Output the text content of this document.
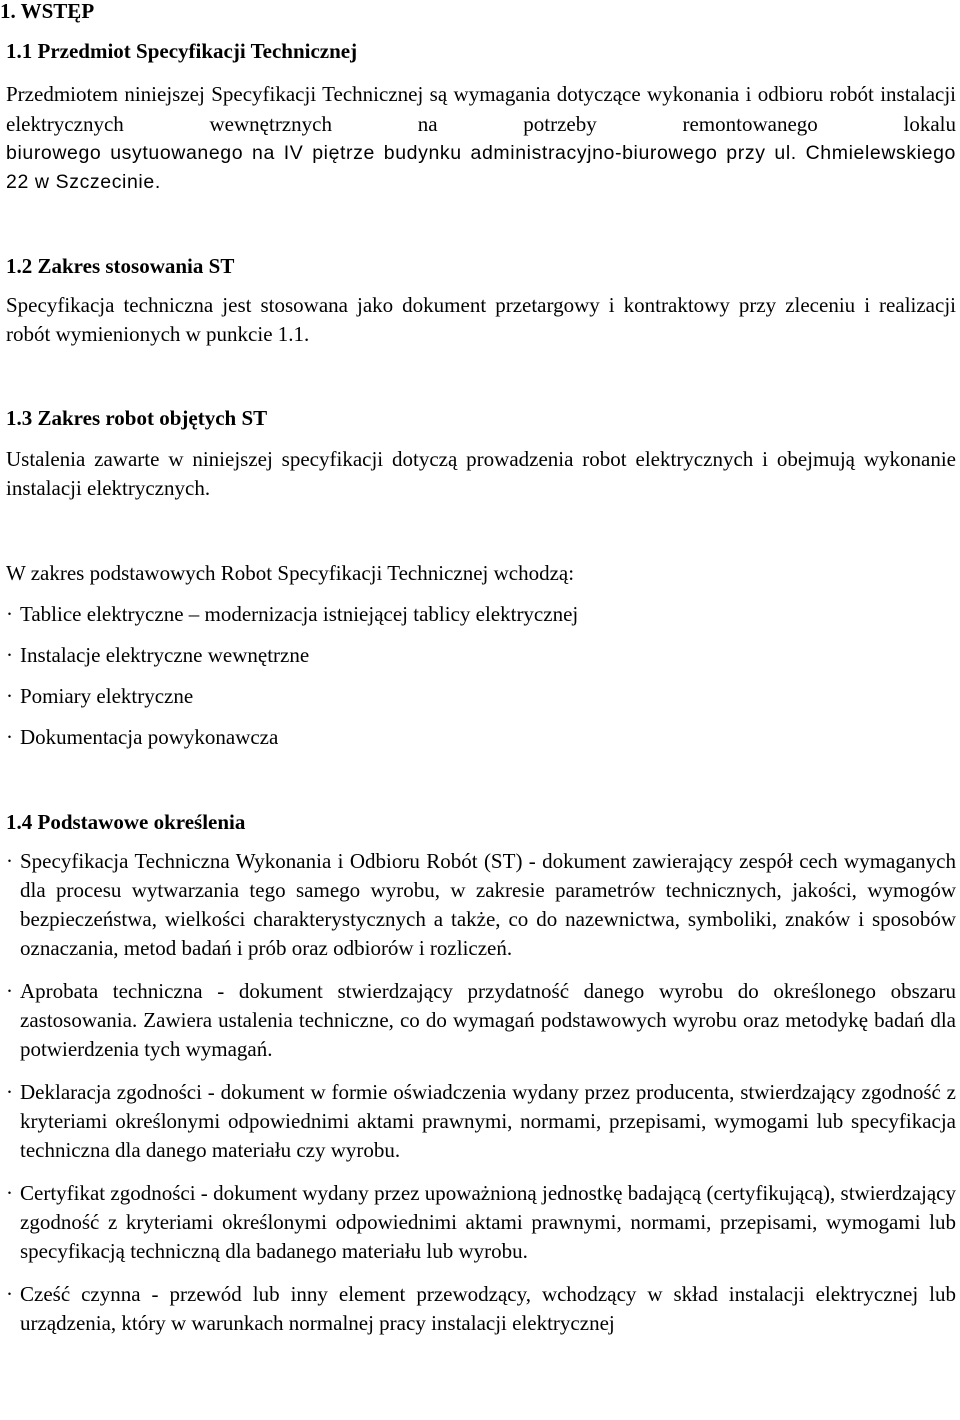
1. WSTĘP
1.1 Przedmiot Specyfikacji Technicznej

Przedmiotem niniejszej Specyfikacji Technicznej są wymagania dotyczące wykonania i odbioru robót instalacji elektrycznych wewnętrznych na potrzeby remontowanego lokalu

biurowego usytuowanego na IV piętrze budynku administracyjno-biurowego przy ul. Chmielewskiego 22 w Szczecinie.

1.2 Zakres stosowania ST

Specyfikacja techniczna jest stosowana jako dokument przetargowy i kontraktowy przy zleceniu i realizacji robót wymienionych w punkcie 1.1.

1.3 Zakres robot objętych ST

Ustalenia zawarte w niniejszej specyfikacji dotyczą prowadzenia robot elektrycznych i obejmują wykonanie instalacji elektrycznych.

W zakres podstawowych Robot Specyfikacji Technicznej wchodzą:

· Tablice elektryczne – modernizacja istniejącej tablicy elektrycznej
· Instalacje elektryczne wewnętrzne
· Pomiary elektryczne
· Dokumentacja powykonawcza
1.4 Podstawowe określenia
· Specyfikacja Techniczna Wykonania i Odbioru Robót (ST) - dokument zawierający zespół cech wymaganych dla procesu wytwarzania tego samego wyrobu, w zakresie parametrów technicznych, jakości, wymogów bezpieczeństwa, wielkości charakterystycznych a także, co do nazewnictwa, symboliki, znaków i sposobów oznaczania, metod badań i prób oraz odbiorów i rozliczeń.
· Aprobata techniczna - dokument stwierdzający przydatność danego wyrobu do określonego obszaru zastosowania. Zawiera ustalenia techniczne, co do wymagań podstawowych wyrobu oraz metodykę badań dla potwierdzenia tych wymagań.
· Deklaracja zgodności - dokument w formie oświadczenia wydany przez producenta, stwierdzający zgodność z kryteriami określonymi odpowiednimi aktami prawnymi, normami, przepisami, wymogami lub specyfikacja techniczna dla danego materiału czy wyrobu.
· Certyfikat zgodności - dokument wydany przez upoważnioną jednostkę badającą (certyfikującą), stwierdzający zgodność z kryteriami określonymi odpowiednimi aktami prawnymi, normami, przepisami, wymogami lub specyfikacją techniczną dla badanego materiału lub wyrobu.
· Cześć czynna - przewód lub inny element przewodzący, wchodzący w skład instalacji elektrycznej lub urządzenia, który w warunkach normalnej pracy instalacji elektrycznej
